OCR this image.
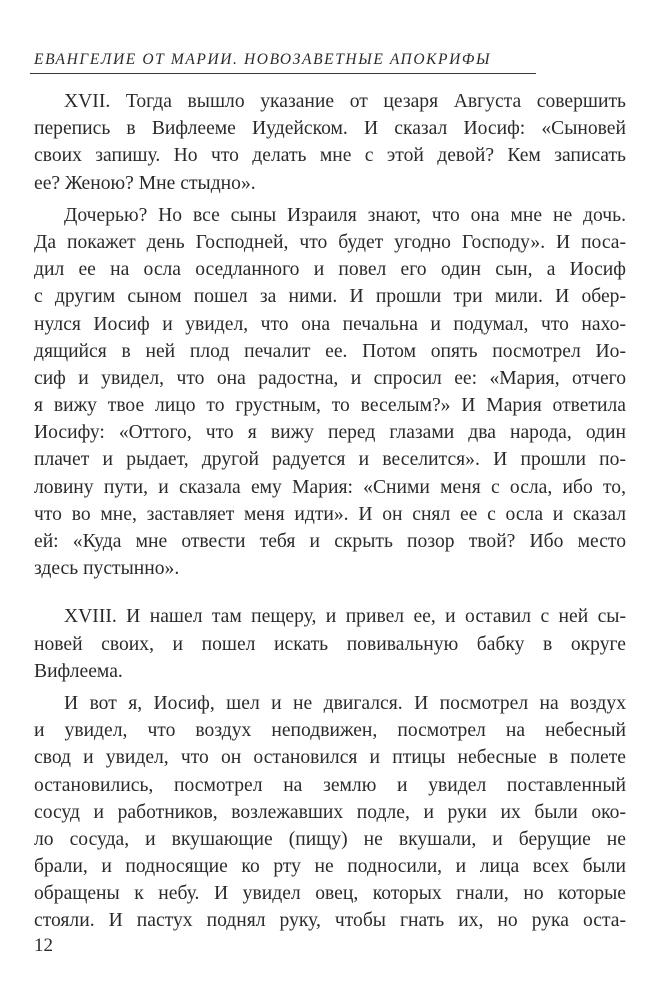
ЕВАНГЕЛИЕ ОТ МАРИИ. НОВОЗАВЕТНЫЕ АПОКРИФЫ
XVII. Тогда вышло указание от цезаря Августа совершить
перепись в Вифлееме Иудейском. И сказал Иосиф: «Сыновей
своих запишу. Но что делать мне с этой девой? Кем записать
ее? Женою? Мне стыдно».
Дочерью? Но все сыны Израиля знают, что она мне не дочь.
Да покажет день Господней, что будет угодно Господу». И поса-
дил ее на осла оседланного и повел его один сын, а Иосиф
с другим сыном пошел за ними. И прошли три мили. И обер-
нулся Иосиф и увидел, что она печальна и подумал, что нахо-
дящийся в ней плод печалит ее. Потом опять посмотрел Ио-
сиф и увидел, что она радостна, и спросил ее: «Мария, отчего
я вижу твое лицо то грустным, то веселым?» И Мария ответила
Иосифу: «Оттого, что я вижу перед глазами два народа, один
плачет и рыдает, другой радуется и веселится». И прошли по-
ловину пути, и сказала ему Мария: «Сними меня с осла, ибо то,
что во мне, заставляет меня идти». И он снял ее с осла и сказал
ей: «Куда мне отвести тебя и скрыть позор твой? Ибо место
здесь пустынно».
XVIII. И нашел там пещеру, и привел ее, и оставил с ней сы-
новей своих, и пошел искать повивальную бабку в округе
Вифлеема.
И вот я, Иосиф, шел и не двигался. И посмотрел на воздух
и увидел, что воздух неподвижен, посмотрел на небесный
свод и увидел, что он остановился и птицы небесные в полете
остановились, посмотрел на землю и увидел поставленный
сосуд и работников, возлежавших подле, и руки их были око-
ло сосуда, и вкушающие (пищу) не вкушали, и берущие не
брали, и подносящие ко рту не подносили, и лица всех были
обращены к небу. И увидел овец, которых гнали, но которые
стояли. И пастух поднял руку, чтобы гнать их, но рука оста-
12
